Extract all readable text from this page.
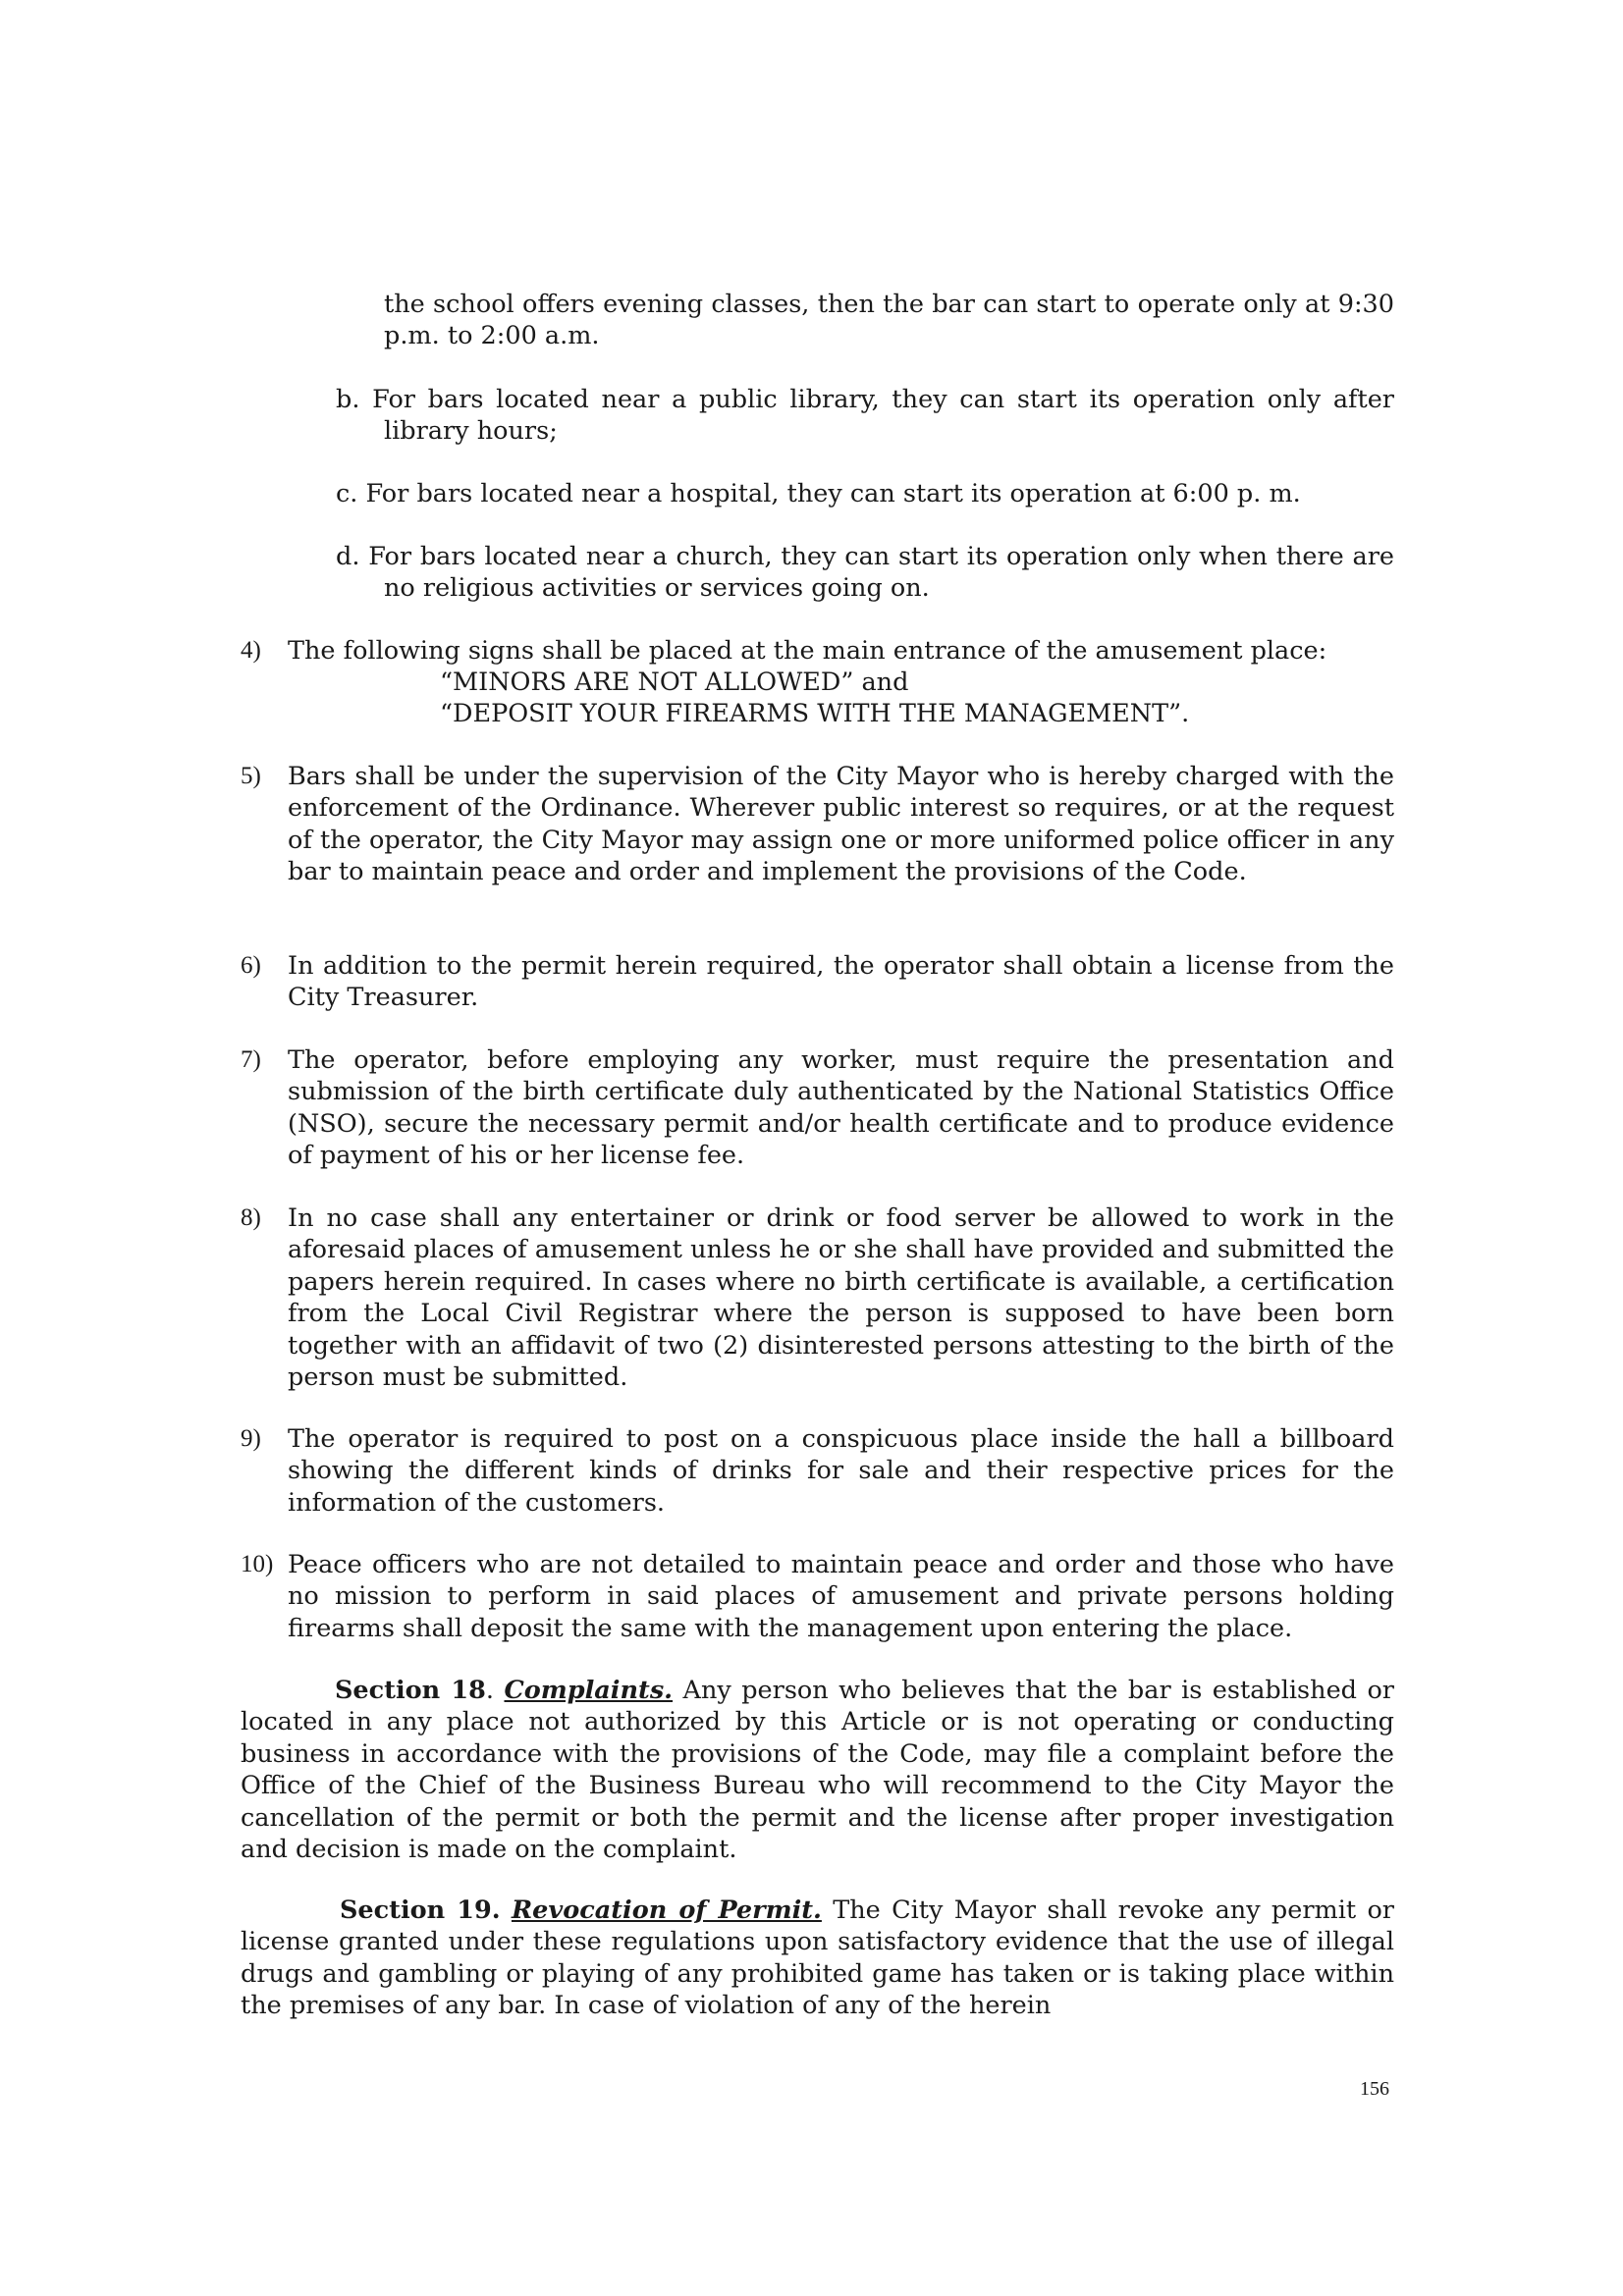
the school offers evening classes, then the bar can start to operate only at 9:30 p.m. to 2:00 a.m.

b. For bars located near a public library, they can start its operation only after library hours;
c. For bars located near a hospital, they can start its operation at 6:00 p. m.
d. For bars located near a church, they can start its operation only when there are no religious activities or services going on.
4) The following signs shall be placed at the main entrance of the amusement place:
“MINORS ARE NOT ALLOWED” and
“DEPOSIT YOUR FIREARMS WITH THE MANAGEMENT”.
5) Bars shall be under the supervision of the City Mayor who is hereby charged with the enforcement of the Ordinance. Wherever public interest so requires, or at the request of the operator, the City Mayor may assign one or more uniformed police officer in any bar to maintain peace and order and implement the provisions of the Code.
6) In addition to the permit herein required, the operator shall obtain a license from the City Treasurer.
7) The operator, before employing any worker, must require the presentation and submission of the birth certificate duly authenticated by the National Statistics Office (NSO), secure the necessary permit and/or health certificate and to produce evidence of payment of his or her license fee.
8) In no case shall any entertainer or drink or food server be allowed to work in the aforesaid places of amusement unless he or she shall have provided and submitted the papers herein required. In cases where no birth certificate is available, a certification from the Local Civil Registrar where the person is supposed to have been born together with an affidavit of two (2) disinterested persons attesting to the birth of the person must be submitted.
9) The operator is required to post on a conspicuous place inside the hall a billboard showing the different kinds of drinks for sale and their respective prices for the information of the customers.
10) Peace officers who are not detailed to maintain peace and order and those who have no mission to perform in said places of amusement and private persons holding firearms shall deposit the same with the management upon entering the place.

Section 18. Complaints. Any person who believes that the bar is established or located in any place not authorized by this Article or is not operating or conducting business in accordance with the provisions of the Code, may file a complaint before the Office of the Chief of the Business Bureau who will recommend to the City Mayor the cancellation of the permit or both the permit and the license after proper investigation and decision is made on the complaint.

Section 19. Revocation of Permit. The City Mayor shall revoke any permit or license granted under these regulations upon satisfactory evidence that the use of illegal drugs and gambling or playing of any prohibited game has taken or is taking place within the premises of any bar. In case of violation of any of the herein

156
